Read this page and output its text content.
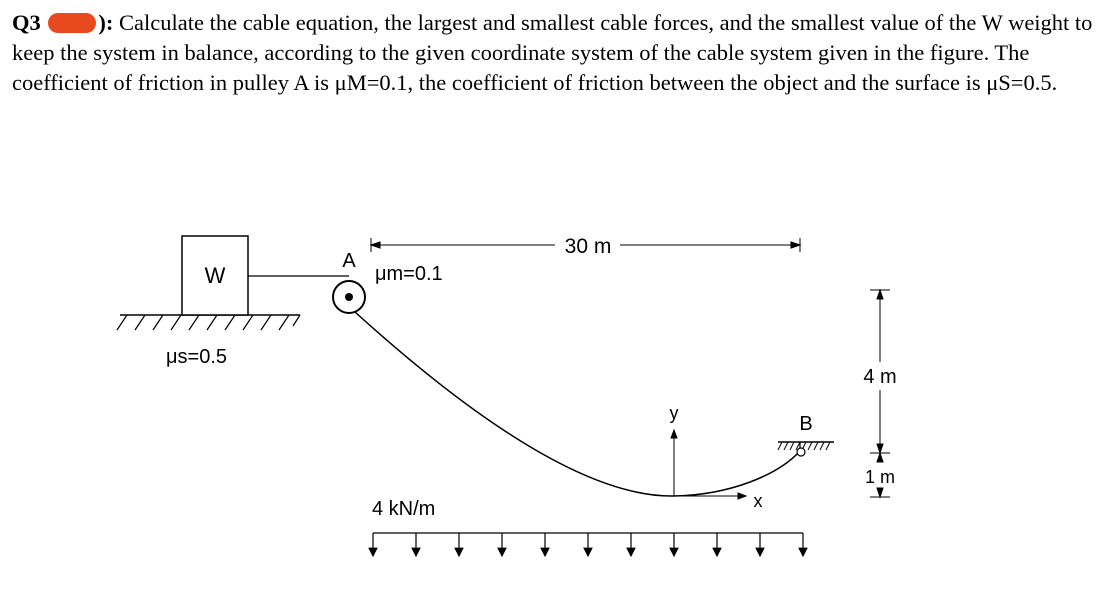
Q3	): Calculate the cable equation, the largest and smallest cable forces, and the smallest value of the W weight to keep the system in balance, according to the given coordinate system of the cable system given in the figure. The coefficient of friction in pulley A is μM=0.1, the coefficient of friction between the object and the surface is μS=0.5.
W
A
μm=0.1
μs=0.5
30 m
B
y
x
4 m
1 m
4 kN/m
